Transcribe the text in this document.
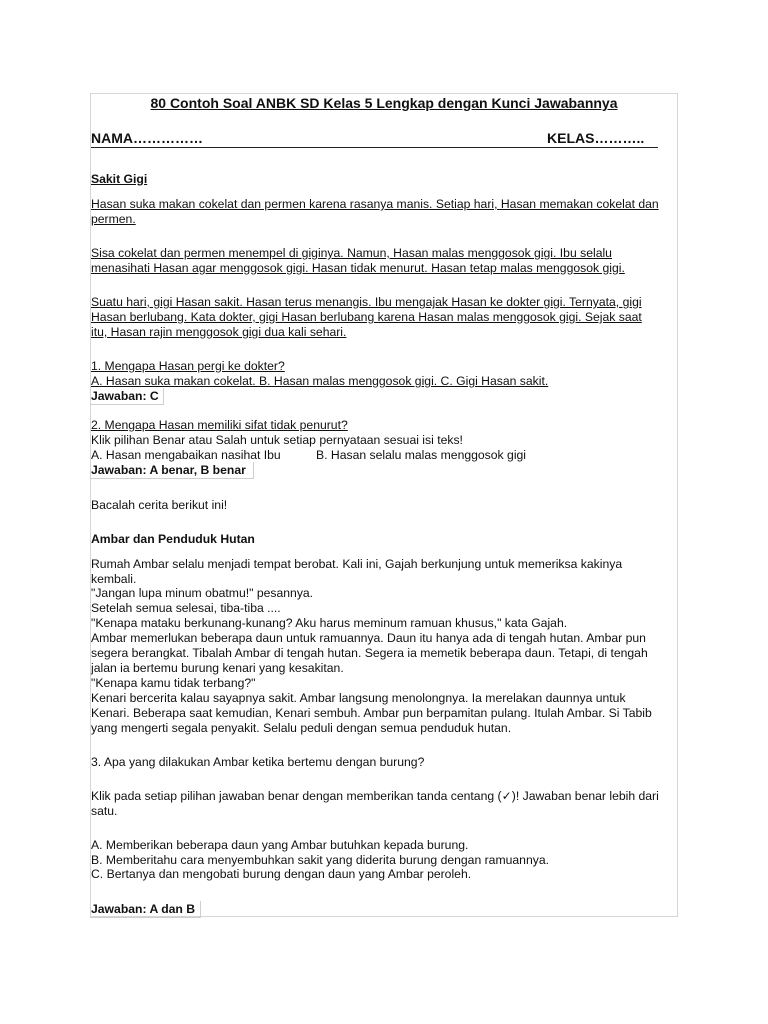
80 Contoh Soal ANBK SD Kelas 5 Lengkap dengan Kunci Jawabannya
NAMA……………	KELAS………..
Sakit Gigi
Hasan suka makan cokelat dan permen karena rasanya manis. Setiap hari, Hasan memakan cokelat dan
permen.
Sisa cokelat dan permen menempel di giginya. Namun, Hasan malas menggosok gigi. Ibu selalu
menasihati Hasan agar menggosok gigi. Hasan tidak menurut. Hasan tetap malas menggosok gigi.
Suatu hari, gigi Hasan sakit. Hasan terus menangis. Ibu mengajak Hasan ke dokter gigi. Ternyata, gigi
Hasan berlubang. Kata dokter, gigi Hasan berlubang karena Hasan malas menggosok gigi. Sejak saat
itu, Hasan rajin menggosok gigi dua kali sehari.
1. Mengapa Hasan pergi ke dokter?
A. Hasan suka makan cokelat. B. Hasan malas menggosok gigi. C. Gigi Hasan sakit.
Jawaban: C
2. Mengapa Hasan memiliki sifat tidak penurut?
Klik pilihan Benar atau Salah untuk setiap pernyataan sesuai isi teks!
A. Hasan mengabaikan nasihat Ibu	B. Hasan selalu malas menggosok gigi
Jawaban: A benar, B benar
Bacalah cerita berikut ini!
Ambar dan Penduduk Hutan
Rumah Ambar selalu menjadi tempat berobat. Kali ini, Gajah berkunjung untuk memeriksa kakinya
kembali.
"Jangan lupa minum obatmu!" pesannya.
Setelah semua selesai, tiba-tiba ....
"Kenapa mataku berkunang-kunang? Aku harus meminum ramuan khusus," kata Gajah.
Ambar memerlukan beberapa daun untuk ramuannya. Daun itu hanya ada di tengah hutan. Ambar pun
segera berangkat. Tibalah Ambar di tengah hutan. Segera ia memetik beberapa daun. Tetapi, di tengah
jalan ia bertemu burung kenari yang kesakitan.
"Kenapa kamu tidak terbang?"
Kenari bercerita kalau sayapnya sakit. Ambar langsung menolongnya. Ia merelakan daunnya untuk
Kenari. Beberapa saat kemudian, Kenari sembuh. Ambar pun berpamitan pulang. Itulah Ambar. Si Tabib
yang mengerti segala penyakit. Selalu peduli dengan semua penduduk hutan.
3. Apa yang dilakukan Ambar ketika bertemu dengan burung?
Klik pada setiap pilihan jawaban benar dengan memberikan tanda centang (✓)! Jawaban benar lebih dari
satu.
A. Memberikan beberapa daun yang Ambar butuhkan kepada burung.
B. Memberitahu cara menyembuhkan sakit yang diderita burung dengan ramuannya.
C. Bertanya dan mengobati burung dengan daun yang Ambar peroleh.
Jawaban: A dan B
